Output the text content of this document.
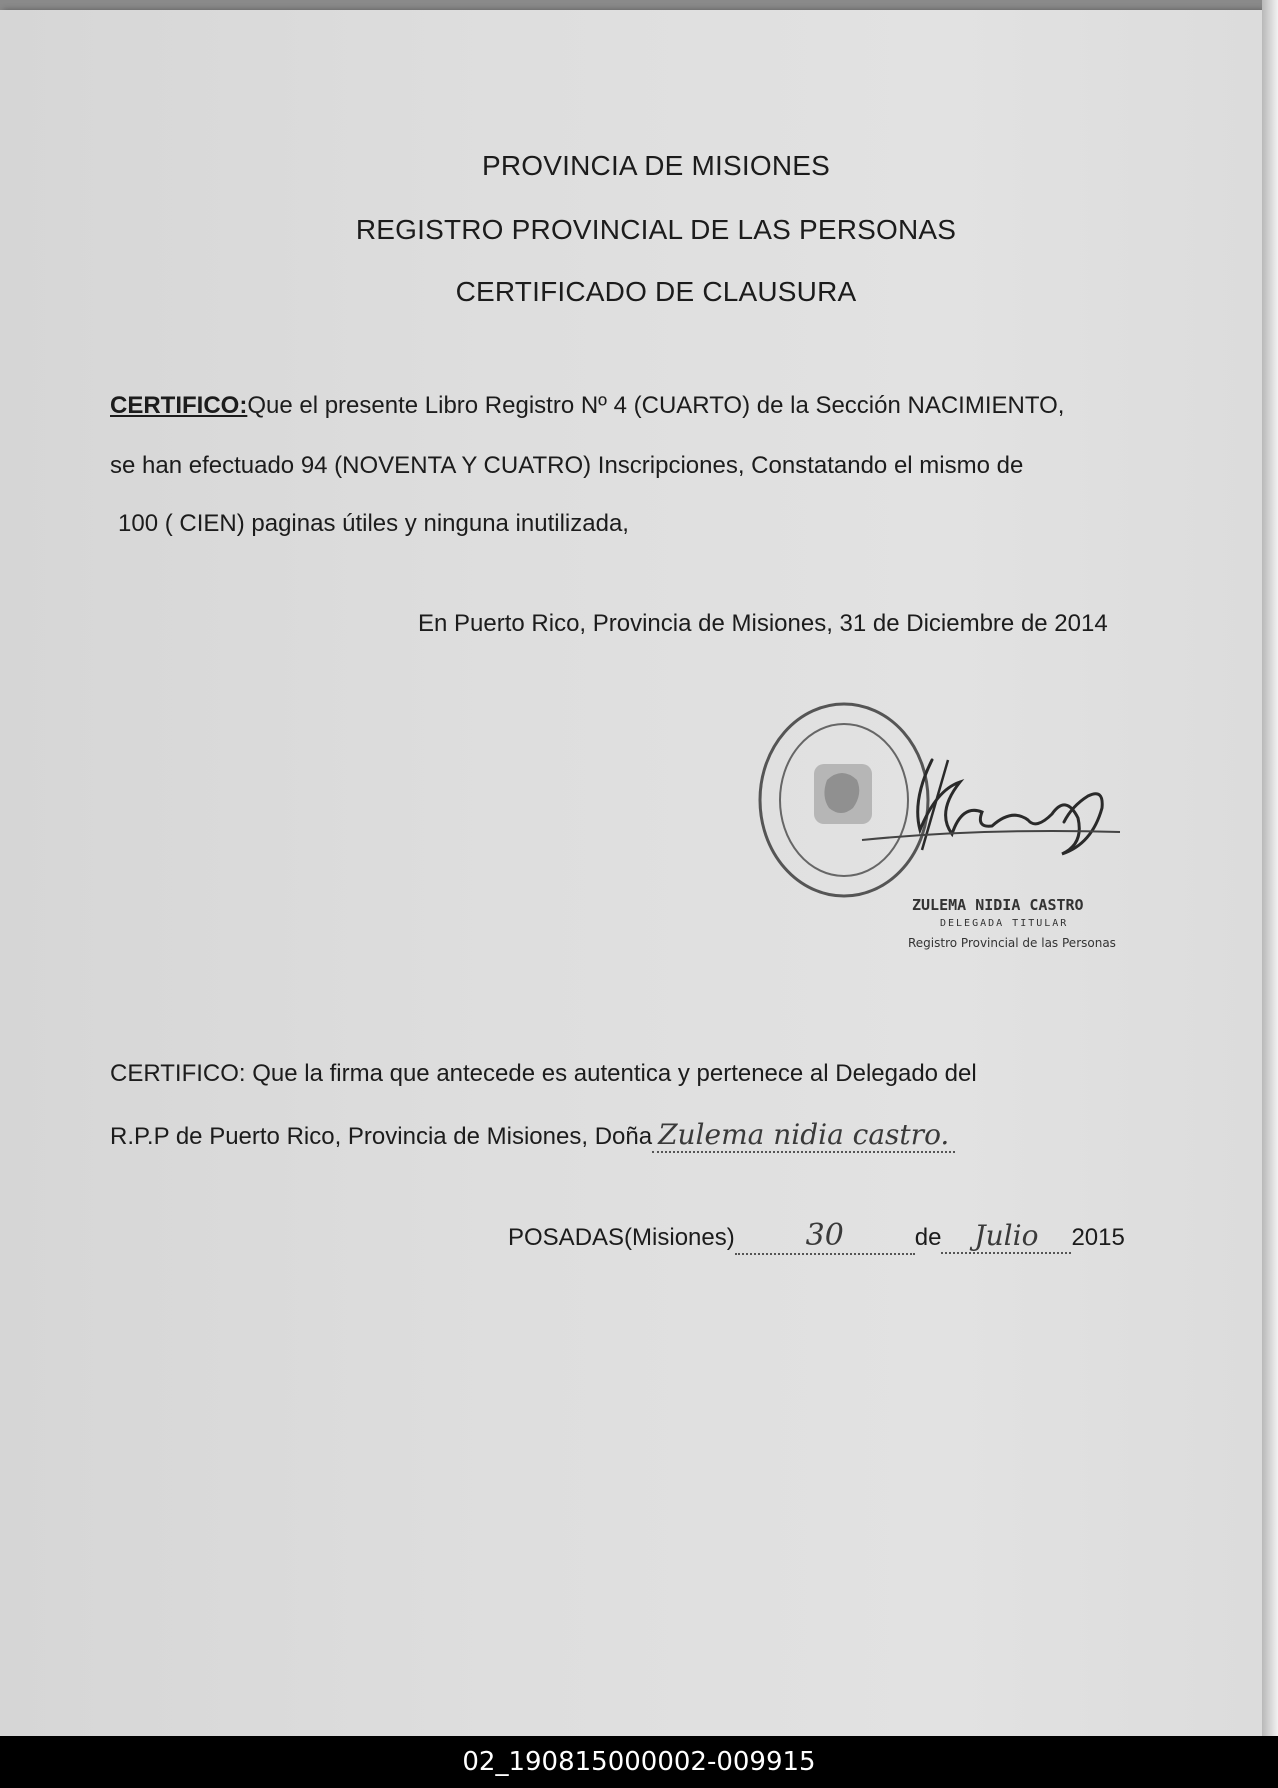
PROVINCIA DE MISIONES
REGISTRO PROVINCIAL DE LAS PERSONAS
CERTIFICADO DE CLAUSURA
CERTIFICO:Que el presente Libro Registro Nº 4 (CUARTO) de la Sección NACIMIENTO,
se han efectuado 94 (NOVENTA Y CUATRO) Inscripciones, Constatando el mismo de
100 ( CIEN) paginas útiles y ninguna inutilizada,
En Puerto Rico, Provincia de Misiones, 31 de Diciembre de 2014
ZULEMA NIDIA CASTRO
DELEGADA TITULAR
Registro Provincial de las Personas
CERTIFICO: Que la firma que antecede es autentica y pertenece al Delegado del
R.P.P de Puerto Rico, Provincia de Misiones, Doña Zulema nidia castro.
POSADAS(Misiones) 30	de Julio 2015
02_190815000002-009915
